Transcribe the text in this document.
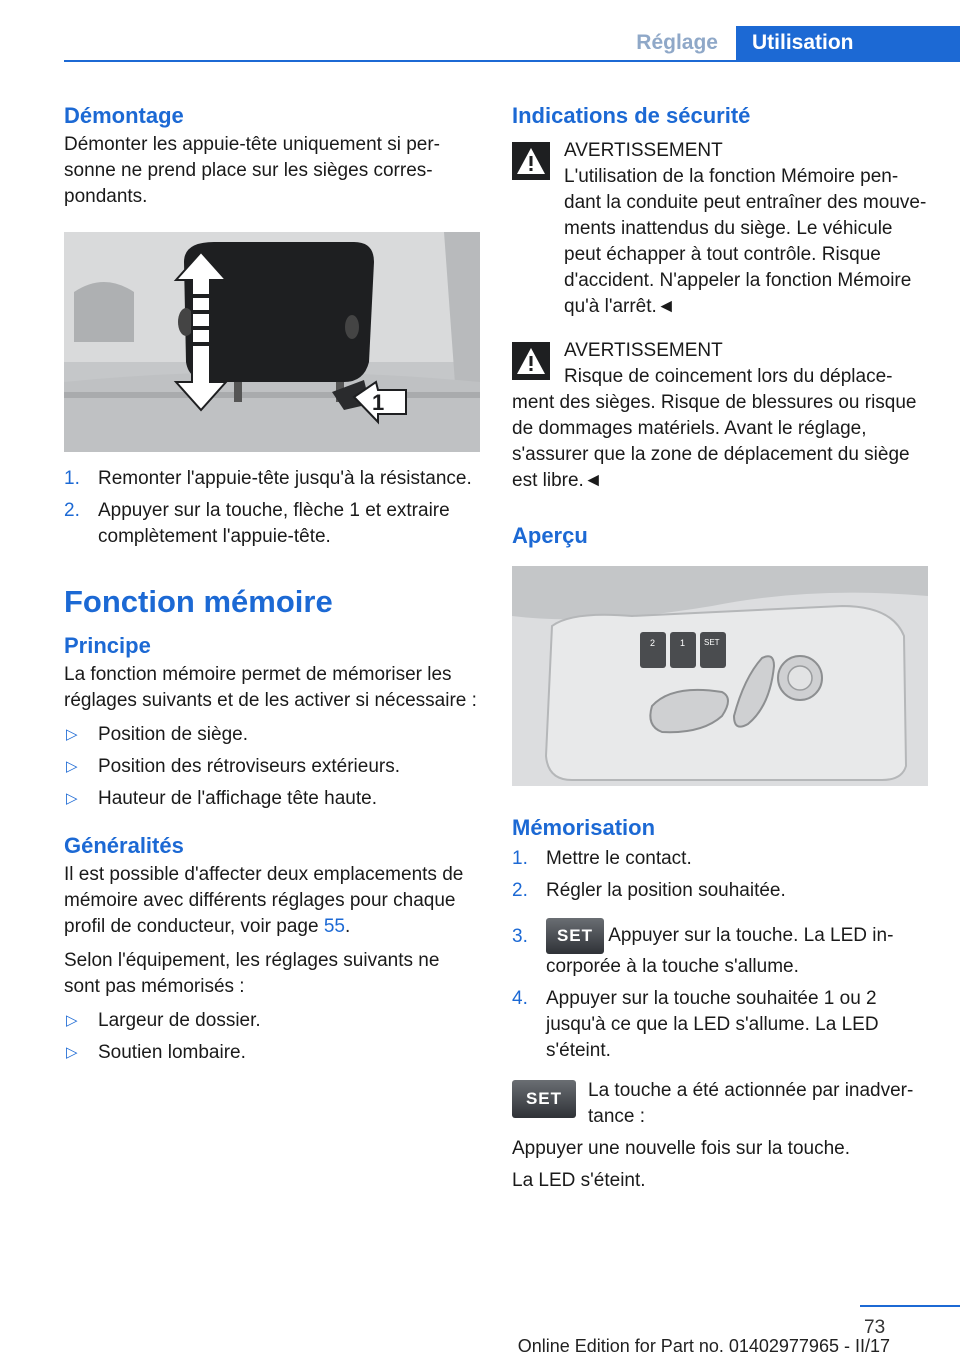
Réglage	Utilisation
Démontage

Démonter les appuie-tête uniquement si personne ne prend place sur les sièges correspondants.

1
1. Remonter l'appuie-tête jusqu'à la résistance.
2. Appuyer sur la touche, flèche 1 et extraire complètement l'appuie-tête.
Fonction mémoire
Principe

La fonction mémoire permet de mémoriser les réglages suivants et de les activer si nécessaire :

▷ Position de siège.
▷ Position des rétroviseurs extérieurs.
▷ Hauteur de l'affichage tête haute.
Généralités

Il est possible d'affecter deux emplacements de mémoire avec différents réglages pour chaque profil de conducteur, voir page 55.

Selon l'équipement, les réglages suivants ne sont pas mémorisés :

▷ Largeur de dossier.
▷ Soutien lombaire.
Indications de sécurité
AVERTISSEMENT
L'utilisation de la fonction Mémoire pendant la conduite peut entraîner des mouvements inattendus du siège. Le véhicule peut échapper à tout contrôle. Risque d'accident. N'appeler la fonction Mémoire qu'à l'arrêt.◄
AVERTISSEMENT
Risque de coincement lors du déplacement des sièges. Risque de blessures ou risque de dommages matériels. Avant le réglage, s'assurer que la zone de déplacement du siège est libre.◄
Aperçu
2	1 SET
Mémorisation
1. Mettre le contact.
2. Régler la position souhaitée.
3. SET Appuyer sur la touche. La LED incorporée à la touche s'allume.
4. Appuyer sur la touche souhaitée 1 ou 2 jusqu'à ce que la LED s'allume. La LED s'éteint.
SET	La touche a été actionnée par inadvertance :

Appuyer une nouvelle fois sur la touche.

La LED s'éteint.

73
Online Edition for Part no. 01402977965 - II/17
